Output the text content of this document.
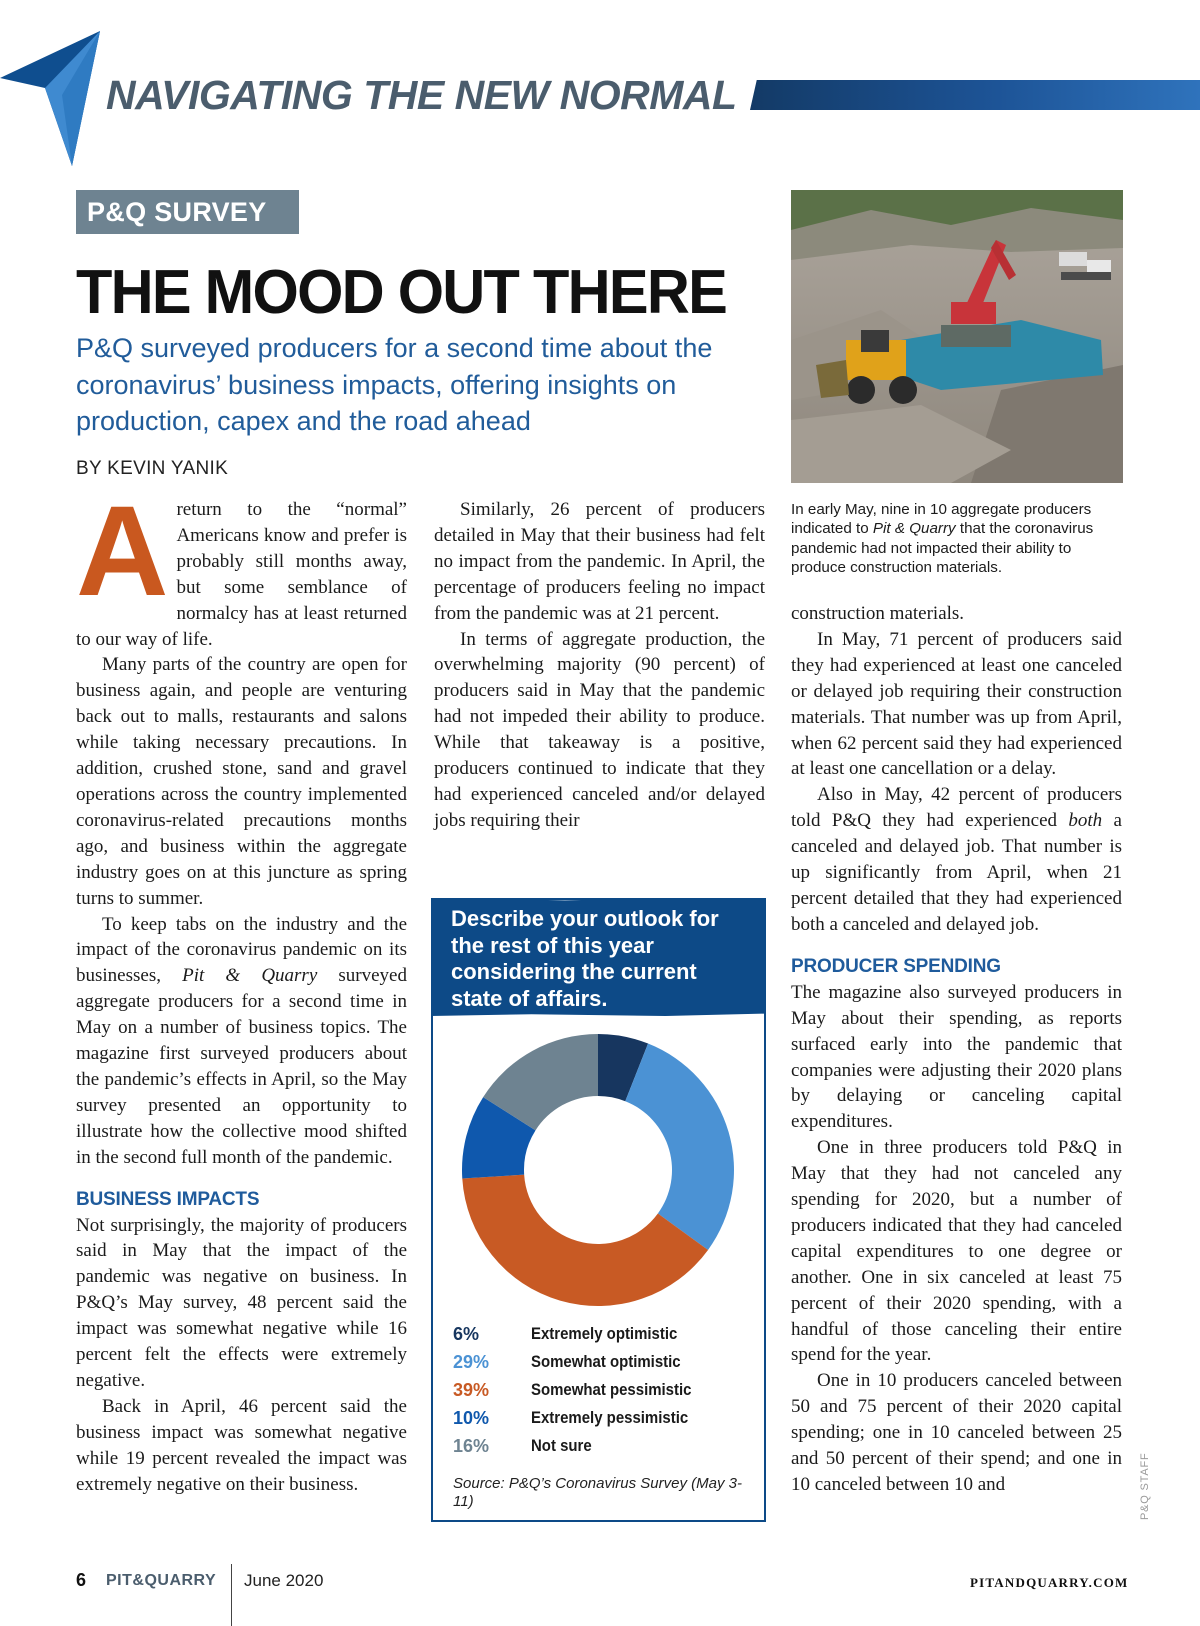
NAVIGATING THE NEW NORMAL
P&Q SURVEY
THE MOOD OUT THERE
P&Q surveyed producers for a second time about the coronavirus’ business impacts, offering insights on production, capex and the road ahead
BY KEVIN YANIK

Areturn to the “normal” Americans know and prefer is probably still months away, but some semblance of normalcy has at least returned to our way of life.

Many parts of the country are open for business again, and people are venturing back out to malls, restaurants and salons while taking necessary precautions. In addition, crushed stone, sand and gravel operations across the country implemented coronavirus-related precautions months ago, and business within the aggregate industry goes on at this juncture as spring turns to summer.

To keep tabs on the industry and the impact of the coronavirus pandemic on its businesses, Pit & Quarry surveyed aggregate producers for a second time in May on a number of business topics. The magazine first surveyed producers about the pandemic’s effects in April, so the May survey presented an opportunity to illustrate how the collective mood shifted in the second full month of the pandemic.

BUSINESS IMPACTS

Not surprisingly, the majority of producers said in May that the impact of the pandemic was negative on business. In P&Q’s May survey, 48 percent said the impact was somewhat negative while 16 percent felt the effects were extremely negative.

Back in April, 46 percent said the business impact was somewhat negative while 19 percent revealed the impact was extremely negative on their business.

Similarly, 26 percent of producers detailed in May that their business had felt no impact from the pandemic. In April, the percentage of producers feeling no impact from the pandemic was at 21 percent.

In terms of aggregate production, the overwhelming majority (90 percent) of producers said in May that the pandemic had not impeded their ability to produce. While that takeaway is a positive, producers continued to indicate that they had experienced canceled and/or delayed jobs requiring their

Describe your outlook for the rest of this year considering the current state of affairs.
6%	Extremely optimistic
29%	Somewhat optimistic
39%	Somewhat pessimistic
10%	Extremely pessimistic
16%	Not sure
Source: P&Q’s Coronavirus Survey (May 3-11)
In early May, nine in 10 aggregate producers indicated to Pit & Quarry that the coronavirus pandemic had not impacted their ability to produce construction materials.

construction materials.

In May, 71 percent of producers said they had experienced at least one canceled or delayed job requiring their construction materials. That number was up from April, when 62 percent said they had experienced at least one cancellation or a delay.

Also in May, 42 percent of producers told P&Q they had experienced both a canceled and delayed job. That number is up significantly from April, when 21 percent detailed that they had experienced both a canceled and delayed job.

PRODUCER SPENDING

The magazine also surveyed producers in May about their spending, as reports surfaced early into the pandemic that companies were adjusting their 2020 plans by delaying or canceling capital expenditures.

One in three producers told P&Q in May that they had not canceled any spending for 2020, but a number of producers indicated that they had canceled capital expenditures to one degree or another. One in six canceled at least 75 percent of their 2020 spending, with a handful of those canceling their entire spend for the year.

One in 10 producers canceled between 50 and 75 percent of their 2020 capital spending; one in 10 canceled between 25 and 50 percent of their spend; and one in 10 canceled between 10 and	P&Q STAFF
6 PIT&QUARRY June 2020	PITANDQUARRY.COM
